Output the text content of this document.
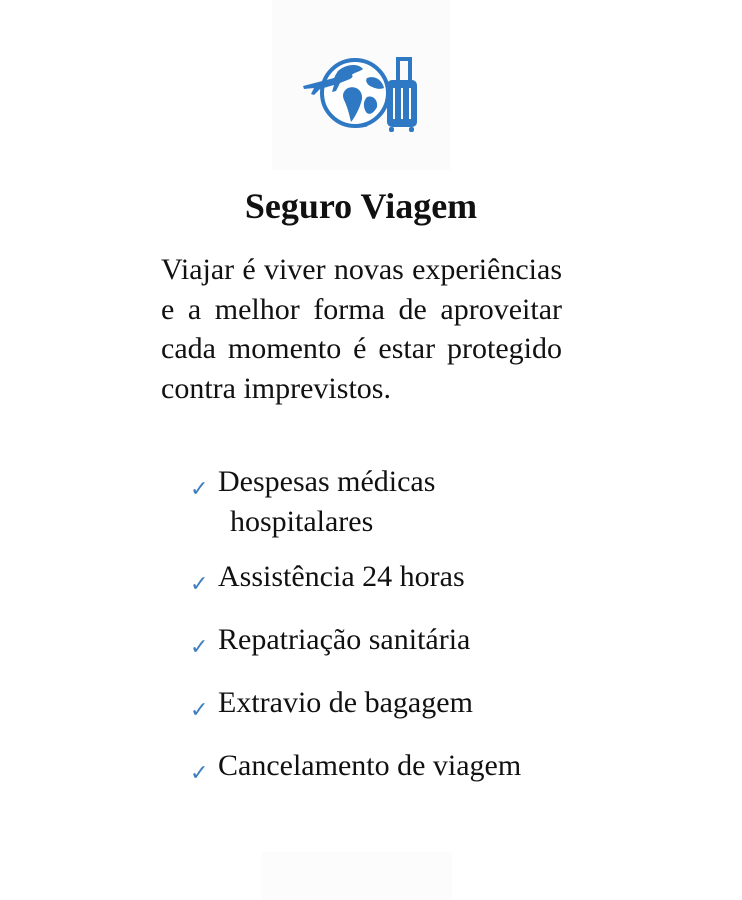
Seguro Viagem

Viajar é viver novas experiências e a melhor forma de aproveitar cada momento é estar protegido contra imprevistos.

✓ Despesas médicas
hospitalares
✓ Assistência 24 horas
✓ Repatriação sanitária
✓ Extravio de bagagem
✓ Cancelamento de viagem
